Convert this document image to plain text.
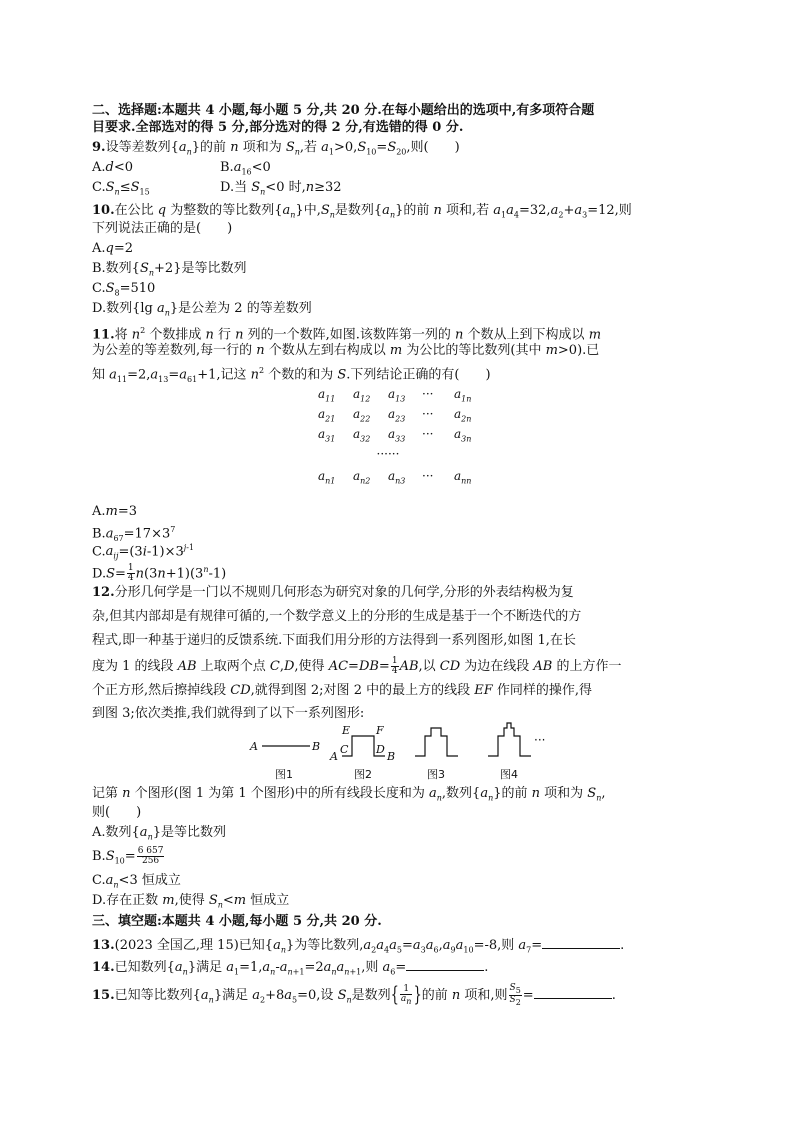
二、选择题:本题共 4 小题,每小题 5 分,共 20 分.在每小题给出的选项中,有多项符合题
目要求.全部选对的得 5 分,部分选对的得 2 分,有选错的得 0 分.
9.设等差数列$\{a_n\}$的前 n 项和为 $S_n$,若 $a_1>0,S_{10}=S_{20}$,则(　　)
A.d<0	$B.a_{16}<0$
$C.S_n\le S_{15}$	D.当 $S_n<0$ 时,n≥32
10.在公比 q 为整数的等比数列$\{a_n\}$中$,S_n$是数列$\{a_n\}$的前 n 项和,若 $a_1a_4=32,a_2+a_3=12$,则
下列说法正确的是(　　)
A.q=2
B.数列$\{S_n+2\}$是等比数列
$C.S_8=510$
D.数列{lg $a_n$}是公差为 2 的等差数列
11.将 $n^2$ 个数排成 n 行 n 列的一个数阵,如图.该数阵第一列的 n 个数从上到下构成以 m
为公差的等差数列,每一行的 n 个数从左到右构成以 m 为公比的等比数列(其中 m>0).已
知 $a_{11}=2,a_{13}=a_{61}+1$,记这 $n^2$ 个数的和为 S.下列结论正确的有(　　)
$a_{11}$	$a_{12}$	$a_{13}$	···	$a_{1n}$
$a_{21}$	$a_{22}$	$a_{23}$	···	$a_{2n}$
$a_{31}$	$a_{32}$	$a_{33}$	···	$a_{3n}$
······
$a_{n1}$	$a_{n2}$	$a_{n3}$	···	$a_{nn}$
A.m=3
$B.a_{67}=17\times 3^7$
$C.a_{ij}=(3i-1)\times 3^{j-1}$
$D.S= \frac{1}{4} n(3n+1)(3^n-1)$
12.分形几何学是一门以不规则几何形态为研究对象的几何学,分形的外表结构极为复
杂,但其内部却是有规律可循的,一个数学意义上的分形的生成是基于一个不断迭代的方
程式,即一种基于递归的反馈系统.下面我们用分形的方法得到一系列图形,如图 1,在长
度为 1 的线段 AB 上取两个点 C,D,使得 $AC=DB= \frac{1}{4}$ AB,以 CD 为边在线段 AB 的上方作一
个正方形,然后擦掉线段 CD,就得到图 2;对图 2 中的最上方的线段 EF 作同样的操作,得
到图 3;依次类推,我们就得到了以下一系列图形:
A	B
A
C
E F
D
B
···
图1	图2	图3	图4
记第 n 个图形(图 1 为第 1 个图形)中的所有线段长度和为 $a_n$,数列$\{a_n\}$的前 n 项和为 $S_n$,
则(　　)
A.数列$\{a_n\}$是等比数列
$B.S_{10}= \frac{6 657}{256}$
$C.a_n<3$ 恒成立
D.存在正数 m,使得 $S_n<m$ 恒成立
三、填空题:本题共 4 小题,每小题 5 分,共 20 分.
13.(2023 全国乙,理 15)已知$\{a_n\}$为等比数列$,a_2a_4a_5=a_3a_6,a_9a_{10}=-8$,则 $a_7=$	.
14.已知数列$\{a_n\}$满足 $a_1=1,a_n-a_{n+1}=2a_na_{n+1}$,则 $a_6=$	.
15.已知等比数列$\{a_n\}$满足 $a_2+8a_5=0$,设 $S_n$是数列{ $\frac{1}{a_n}$ }的前 n 项和,则 $\frac{S_5}{S_2}$ =	.
